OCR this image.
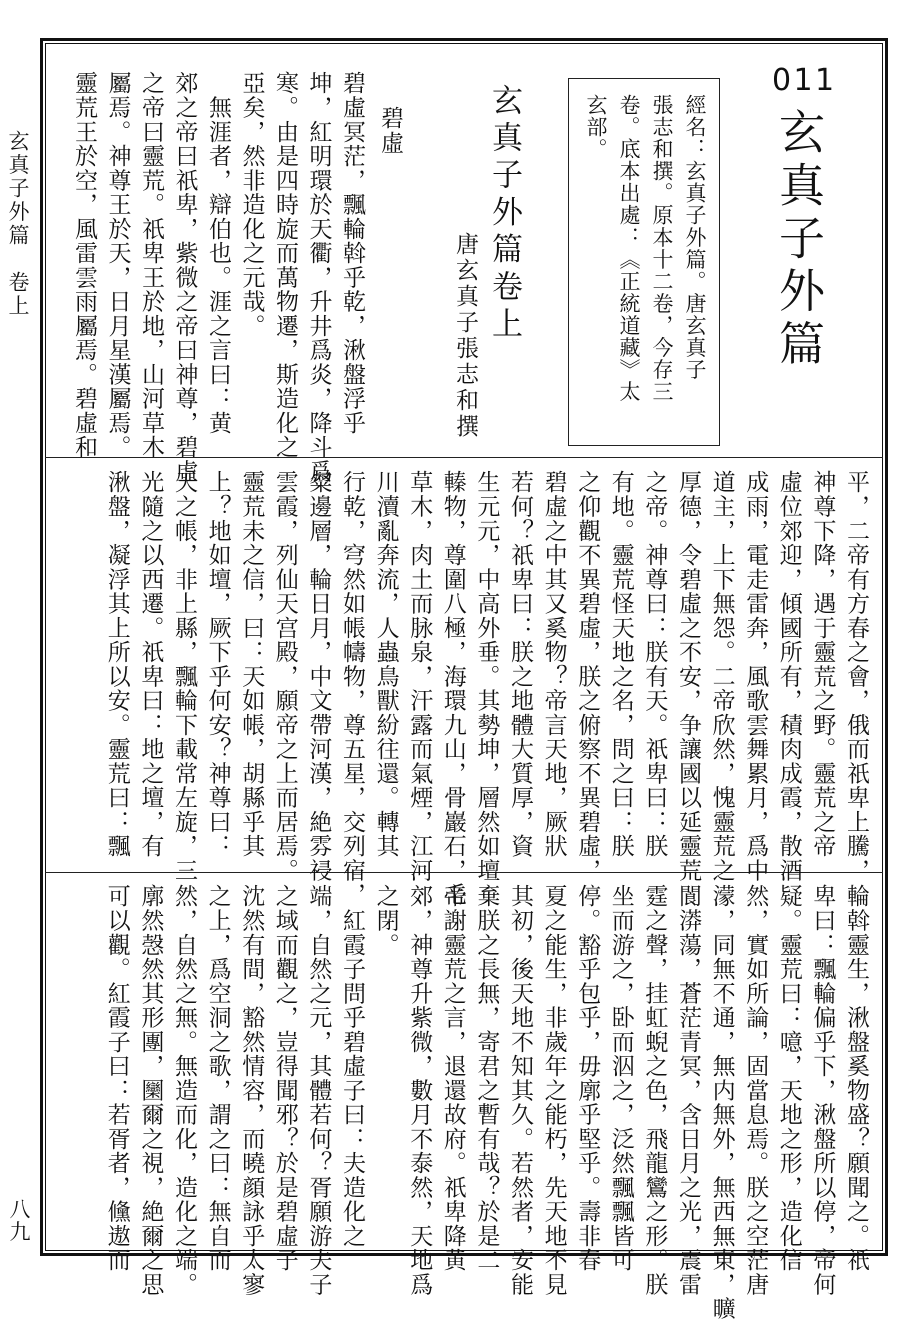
玄真子外篇　卷上
八九
011
玄真子外篇
經名：玄真子外篇。唐玄真子
張志和撰。原本十二卷，今存三
卷。底本出處：《正統道藏》太
玄部。
玄真子外篇卷上
唐玄真子張志和撰
碧虛
碧虛冥茫，飄輪斡乎乾，湫盤浮乎
坤，紅明環於天衢，升井爲炎，降斗爲
寒。由是四時旋而萬物遷，斯造化之
亞矣，然非造化之元哉。
　無涯者，辯伯也。涯之言曰：黄
郊之帝曰祇卑，紫微之帝曰神尊，碧虛
之帝曰靈荒。祇卑王於地，山河草木
屬焉。神尊王於天，日月星漢屬焉。
靈荒王於空，風雷雲雨屬焉。碧虛和
平，二帝有方春之會，俄而祇卑上騰，
神尊下降，遇于靈荒之野。靈荒之帝
虛位郊迎，傾國所有，積肉成霞，散酒
成雨，電走雷奔，風歌雲舞累月，爲中
道主，上下無怨。二帝欣然，愧靈荒之
厚德，令碧虛之不安，争讓國以延靈荒
之帝。神尊曰：朕有天。祇卑曰：朕
有地。靈荒怪天地之名，問之曰：朕
之仰觀不異碧虛，朕之俯察不異碧虛，
碧虛之中其又奚物？帝言天地，厥狀
若何？祇卑曰：朕之地體大質厚，資
生元元，中高外垂。其勢坤，層然如壇
轃物，尊圍八極，海環九山，骨巖石，毛
草木，肉土而脉泉，汗露而氣煙，江河
川瀆亂奔流，人蟲鳥獸紛往還。轉其
行乾，穹然如帳幬物，尊五星，交列宿，
粲邊層，輪日月，中文帶河漢，絶雰祲
雲霞，列仙天宫殿，願帝之上而居焉。
靈荒未之信，曰：天如帳，胡縣乎其
上？地如壇，厥下乎何安？神尊曰：
天之帳，非上縣，飄輪下載常左旋，三
光隨之以西遷。祇卑曰：地之壇，有
湫盤，凝浮其上所以安。靈荒曰：飄
輪斡靈生，湫盤奚物盛？願聞之。祇
卑曰：飄輪偏乎下，湫盤所以停，帝何
疑。靈荒曰：噫，天地之形，造化信
然，實如所論，固當息焉。朕之空茫唐
濛，同無不通，無内無外，無西無東，曠
閬漭蕩，蒼茫青冥，含日月之光，震雷
霆之聲，挂虹蜺之色，飛龍鸞之形。朕
坐而游之，卧而泅之，泛然飄飄皆可
停。豁乎包乎，毋廓乎堅乎。壽非春
夏之能生，非歲年之能朽，先天地不見
其初，後天地不知其久。若然者，安能
棄朕之長無，寄君之暫有哉？於是二
帝謝靈荒之言，退還故府。祇卑降黄
郊，神尊升紫微，數月不泰然，天地爲
之閉。
　紅霞子問乎碧虛子曰：夫造化之
端，自然之元，其體若何？胥願游夫子
之域而觀之，豈得聞邪？於是碧虛子
沈然有間，豁然情容，而曉顔詠乎太寥
之上，爲空洞之歌，謂之曰：無自而
然，自然之無。無造而化，造化之端。
廓然愨然其形團，圞爾之視，絶爾之思
可以觀。紅霞子曰：若胥者，儵遨而
